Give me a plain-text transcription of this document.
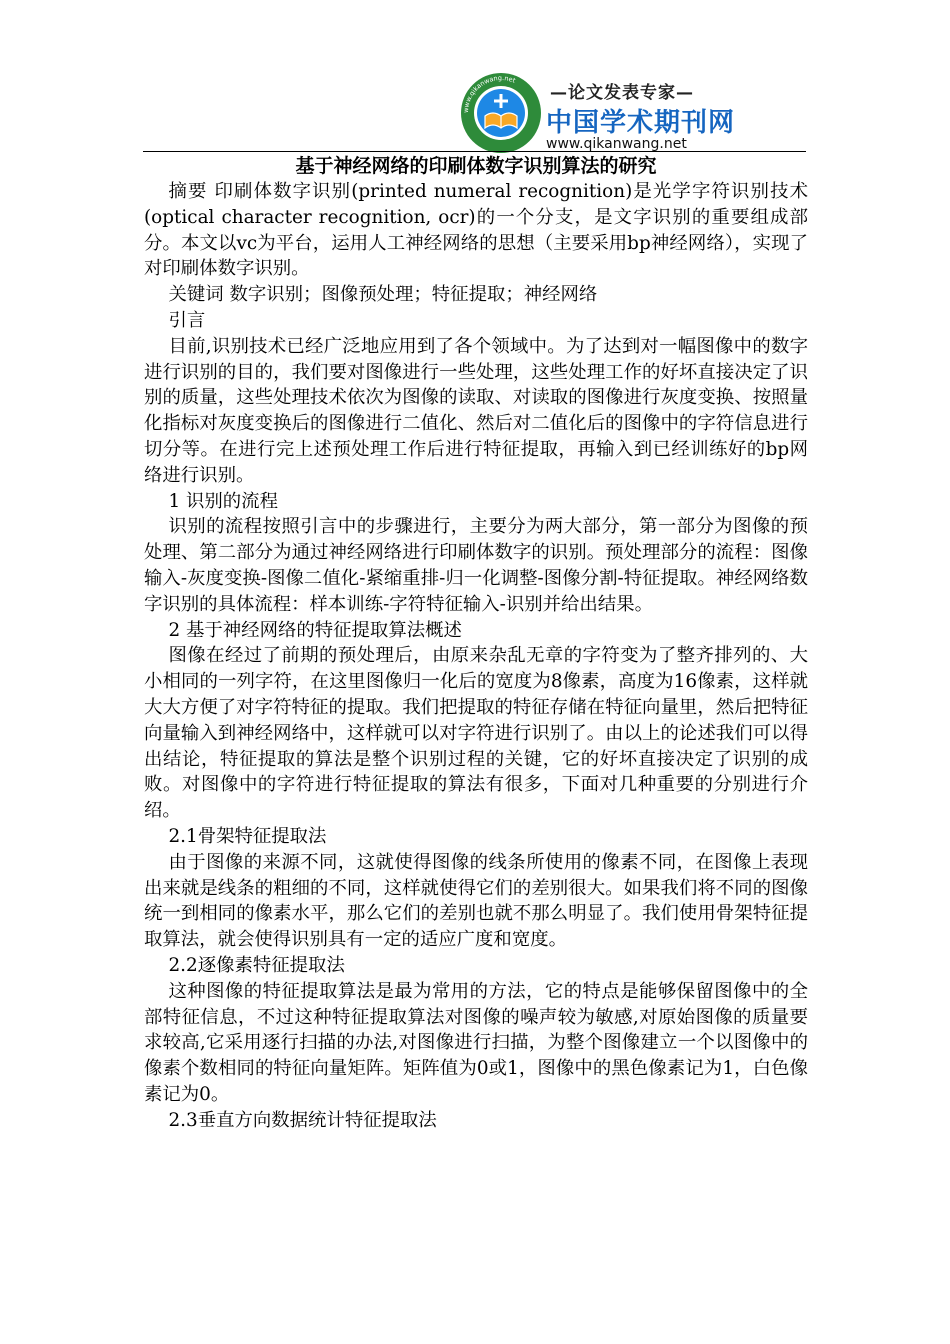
www.qikanwang.net
—论文发表专家—
中国学术期刊网
www.qikanwang.net
基于神经网络的印刷体数字识别算法的研究

摘要 印刷体数字识别(printed numeral recognition)是光学字符识别技术(optical character recognition, ocr)的一个分支，是文字识别的重要组成部分。本文以vc为平台，运用人工神经网络的思想（主要采用bp神经网络），实现了对印刷体数字识别。

关键词 数字识别；图像预处理；特征提取；神经网络
引言

目前,识别技术已经广泛地应用到了各个领域中。为了达到对一幅图像中的数字进行识别的目的，我们要对图像进行一些处理，这些处理工作的好坏直接决定了识别的质量，这些处理技术依次为图像的读取、对读取的图像进行灰度变换、按照量化指标对灰度变换后的图像进行二值化、然后对二值化后的图像中的字符信息进行切分等。在进行完上述预处理工作后进行特征提取，再输入到已经训练好的bp网络进行识别。

1 识别的流程

识别的流程按照引言中的步骤进行，主要分为两大部分，第一部分为图像的预处理、第二部分为通过神经网络进行印刷体数字的识别。预处理部分的流程：图像输入-灰度变换-图像二值化-紧缩重排-归一化调整-图像分割-特征提取。神经网络数字识别的具体流程：样本训练-字符特征输入-识别并给出结果。

2 基于神经网络的特征提取算法概述

图像在经过了前期的预处理后，由原来杂乱无章的字符变为了整齐排列的、大小相同的一列字符，在这里图像归一化后的宽度为8像素，高度为16像素，这样就大大方便了对字符特征的提取。我们把提取的特征存储在特征向量里，然后把特征向量输入到神经网络中，这样就可以对字符进行识别了。由以上的论述我们可以得出结论，特征提取的算法是整个识别过程的关键，它的好坏直接决定了识别的成败。对图像中的字符进行特征提取的算法有很多，下面对几种重要的分别进行介绍。

2.1骨架特征提取法

由于图像的来源不同，这就使得图像的线条所使用的像素不同，在图像上表现出来就是线条的粗细的不同，这样就使得它们的差别很大。如果我们将不同的图像统一到相同的像素水平，那么它们的差别也就不那么明显了。我们使用骨架特征提取算法，就会使得识别具有一定的适应广度和宽度。

2.2逐像素特征提取法

这种图像的特征提取算法是最为常用的方法，它的特点是能够保留图像中的全部特征信息，不过这种特征提取算法对图像的噪声较为敏感,对原始图像的质量要求较高,它采用逐行扫描的办法,对图像进行扫描，为整个图像建立一个以图像中的像素个数相同的特征向量矩阵。矩阵值为0或1，图像中的黑色像素记为1，白色像素记为0。

2.3垂直方向数据统计特征提取法
